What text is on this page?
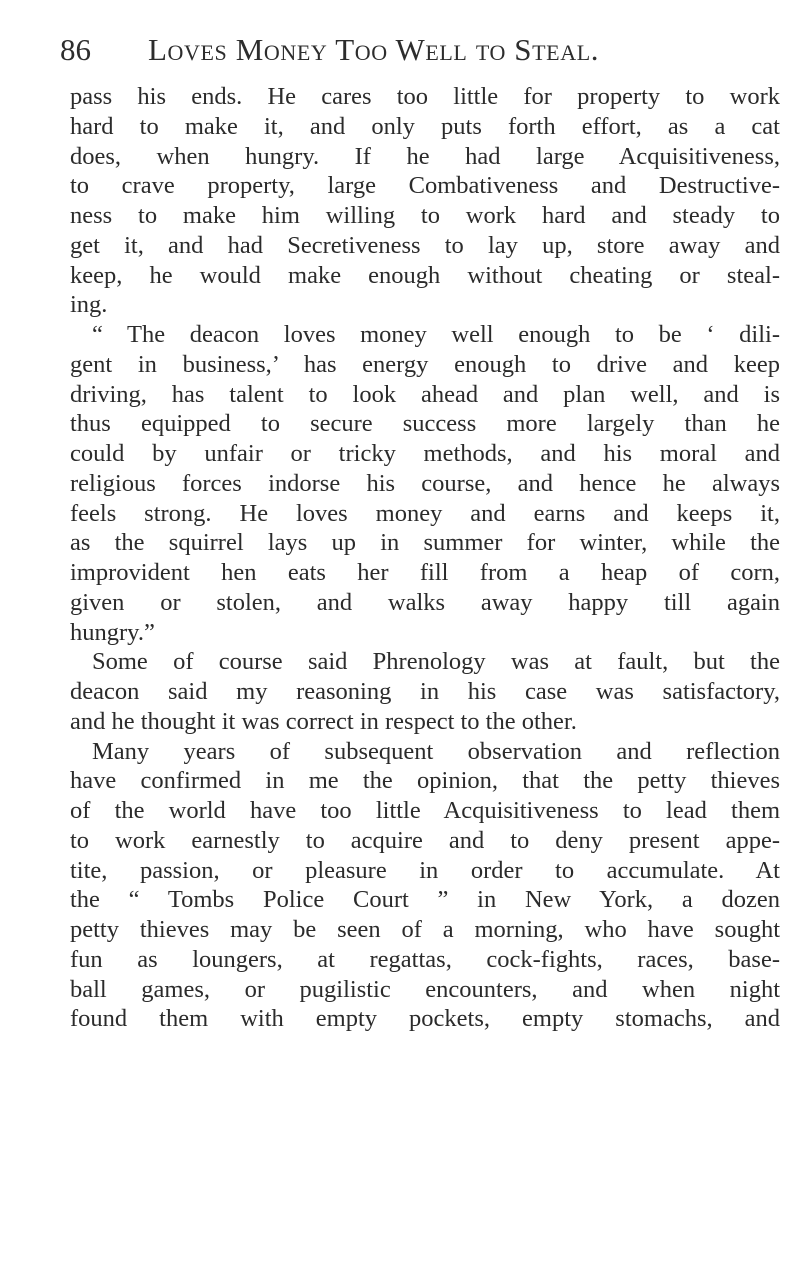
86 Loves Money Too Well to Steal.
pass his ends. He cares too little for property to work
hard to make it, and only puts forth effort, as a cat
does, when hungry. If he had large Acquisitiveness,
to crave property, large Combativeness and Destructive-
ness to make him willing to work hard and steady to
get it, and had Secretiveness to lay up, store away and
keep, he would make enough without cheating or steal-
ing.
“ The deacon loves money well enough to be ‘ dili-
gent in business,’ has energy enough to drive and keep
driving, has talent to look ahead and plan well, and is
thus equipped to secure success more largely than he
could by unfair or tricky methods, and his moral and
religious forces indorse his course, and hence he always
feels strong. He loves money and earns and keeps it,
as the squirrel lays up in summer for winter, while the
improvident hen eats her fill from a heap of corn,
given or stolen, and walks away happy till again
hungry.”
Some of course said Phrenology was at fault, but the
deacon said my reasoning in his case was satisfactory,
and he thought it was correct in respect to the other.
Many years of subsequent observation and reflection
have confirmed in me the opinion, that the petty thieves
of the world have too little Acquisitiveness to lead them
to work earnestly to acquire and to deny present appe-
tite, passion, or pleasure in order to accumulate. At
the “ Tombs Police Court ” in New York, a dozen
petty thieves may be seen of a morning, who have sought
fun as loungers, at regattas, cock-fights, races, base-
ball games, or pugilistic encounters, and when night
found them with empty pockets, empty stomachs, and
